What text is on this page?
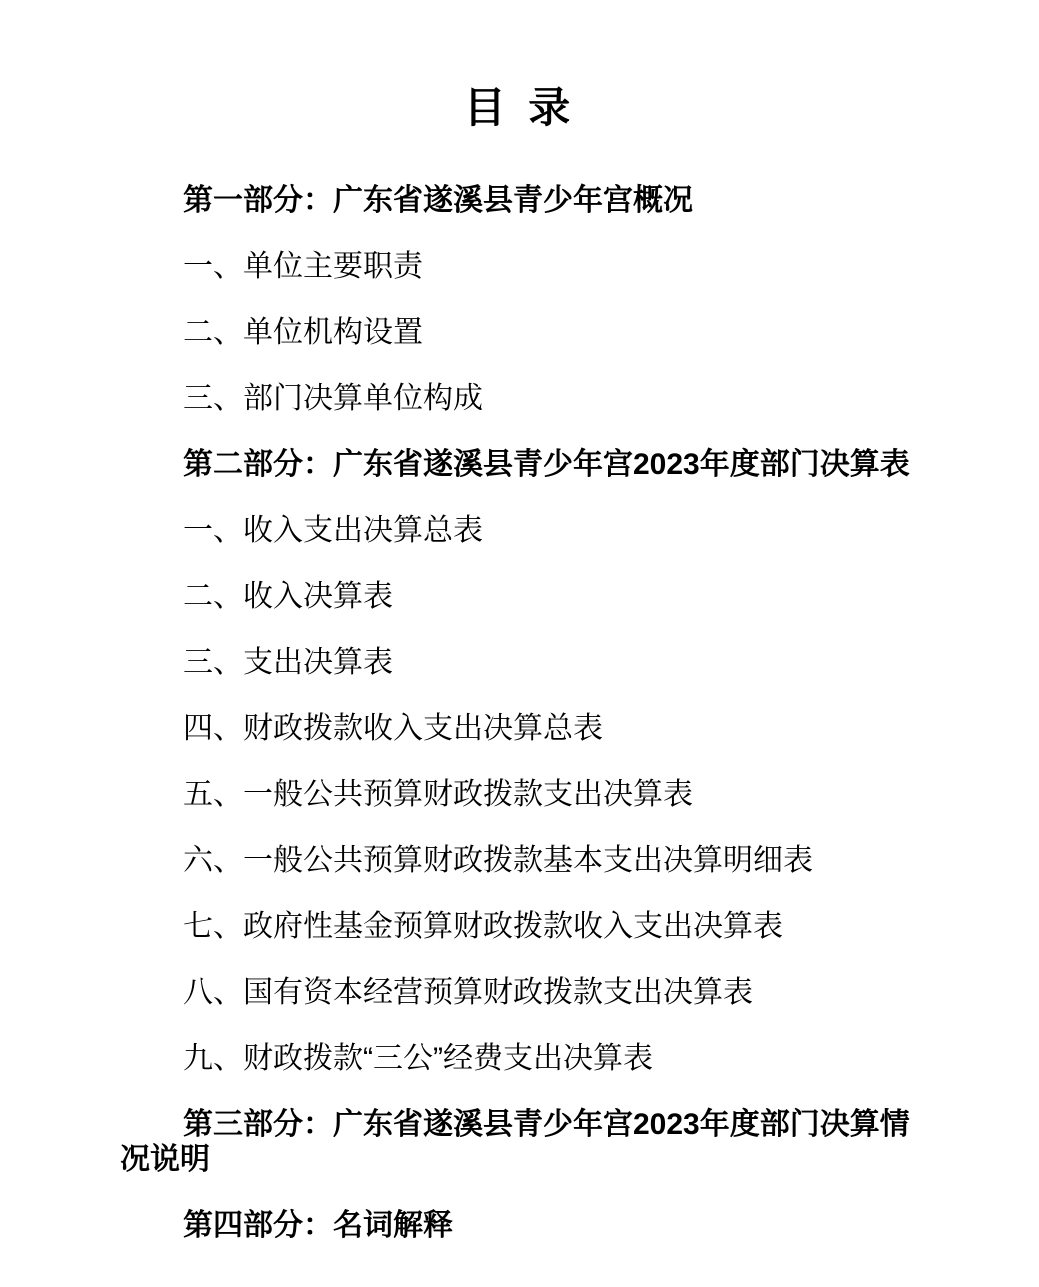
目 录

第一部分：广东省遂溪县青少年宫概况

一、单位主要职责

二、单位机构设置

三、部门决算单位构成

第二部分：广东省遂溪县青少年宫2023年度部门决算表

一、收入支出决算总表

二、收入决算表

三、支出决算表

四、财政拨款收入支出决算总表

五、一般公共预算财政拨款支出决算表

六、一般公共预算财政拨款基本支出决算明细表

七、政府性基金预算财政拨款收入支出决算表

八、国有资本经营预算财政拨款支出决算表

九、财政拨款“三公”经费支出决算表

第三部分：广东省遂溪县青少年宫2023年度部门决算情
况说明

第四部分：名词解释
